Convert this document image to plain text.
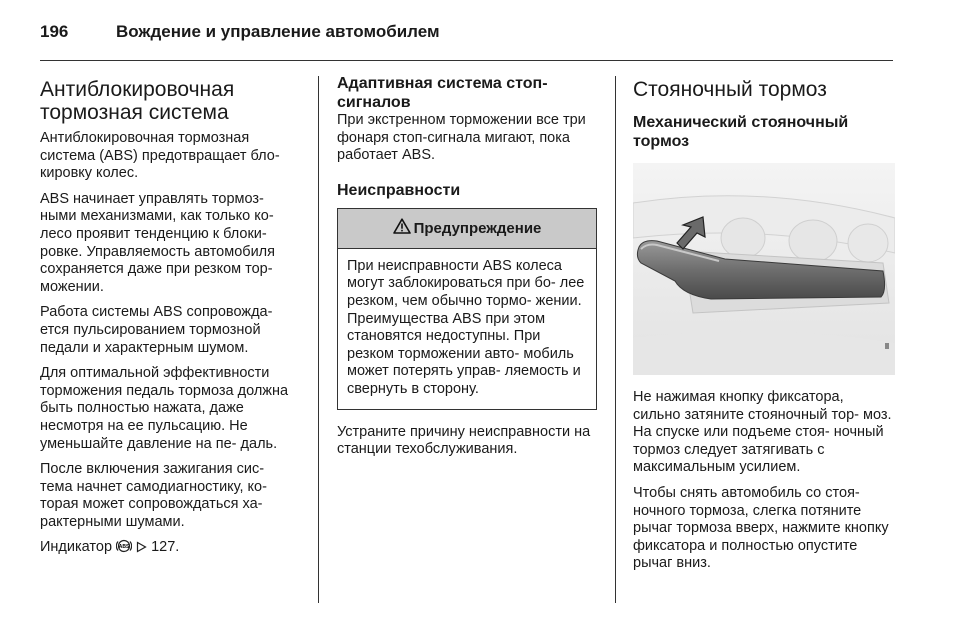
196	Вождение и управление автомобилем
Антиблокировочная
тормозная система

Антиблокировочная тормозная система (ABS) предотвращает бло- кировку колес.

ABS начинает управлять тормоз- ными механизмами, как только ко- лесо проявит тенденцию к блоки- ровке. Управляемость автомобиля сохраняется даже при резком тор- можении.

Работа системы ABS сопровожда- ется пульсированием тормозной педали и характерным шумом.

Для оптимальной эффективности торможения педаль тормоза должна быть полностью нажата, даже несмотря на ее пульсацию. Не уменьшайте давление на пе- даль.

После включения зажигания сис- тема начнет самодиагностику, ко- торая может сопровождаться ха- рактерными шумами.

Индикатор ABS 127.

Адаптивная система стоп- сигналов

При экстренном торможении все три фонаря стоп-сигнала мигают, пока работает ABS.

Неисправности
Предупреждение

При неисправности ABS колеса могут заблокироваться при бо- лее резком, чем обычно тормо- жении. Преимущества ABS при этом становятся недоступны. При резком торможении авто- мобиль может потерять управ- ляемость и свернуть в сторону.

Устраните причину неисправности на станции техобслуживания.

Стояночный тормоз
Механический стояночный тормоз

Не нажимая кнопку фиксатора, сильно затяните стояночный тор- моз. На спуске или подъеме стоя- ночный тормоз следует затягивать с максимальным усилием.

Чтобы снять автомобиль со стоя- ночного тормоза, слегка потяните рычаг тормоза вверх, нажмите кнопку фиксатора и полностью опустите рычаг вниз.
